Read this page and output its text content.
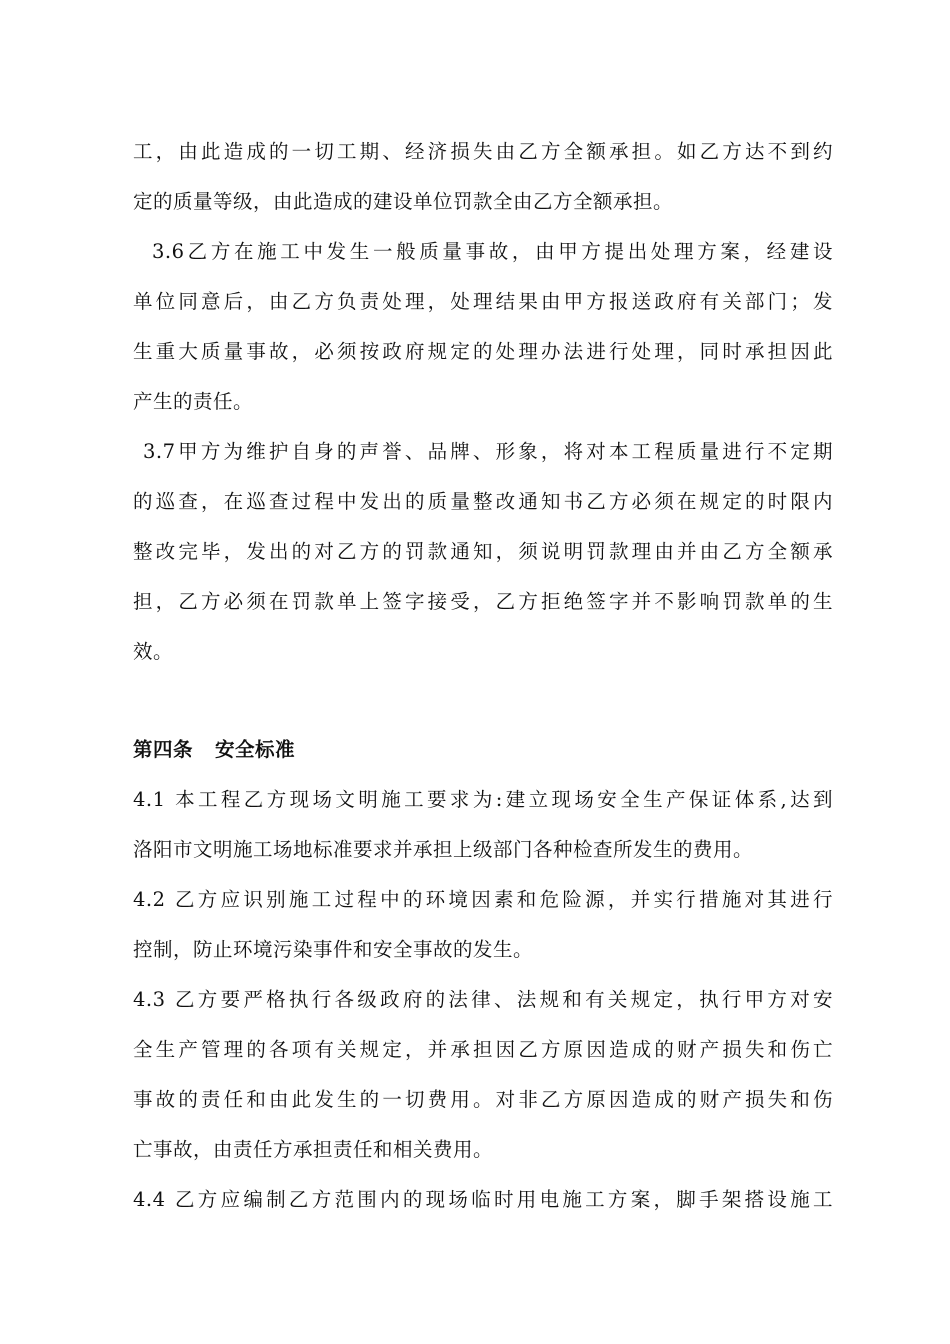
工，由此造成的一切工期、经济损失由乙方全额承担。如乙方达不到约
定的质量等级，由此造成的建设单位罚款全由乙方全额承担。
3.6乙方在施工中发生一般质量事故，由甲方提出处理方案，经建设
单位同意后，由乙方负责处理，处理结果由甲方报送政府有关部门；发
生重大质量事故，必须按政府规定的处理办法进行处理，同时承担因此
产生的责任。
3.7甲方为维护自身的声誉、品牌、形象，将对本工程质量进行不定期
的巡查，在巡查过程中发出的质量整改通知书乙方必须在规定的时限内
整改完毕，发出的对乙方的罚款通知，须说明罚款理由并由乙方全额承
担，乙方必须在罚款单上签字接受，乙方拒绝签字并不影响罚款单的生
效。
第四条 安全标准
4.1 本工程乙方现场文明施工要求为:建立现场安全生产保证体系,达到
洛阳市文明施工场地标准要求并承担上级部门各种检查所发生的费用。
4.2 乙方应识别施工过程中的环境因素和危险源，并实行措施对其进行
控制，防止环境污染事件和安全事故的发生。
4.3 乙方要严格执行各级政府的法律、法规和有关规定，执行甲方对安
全生产管理的各项有关规定，并承担因乙方原因造成的财产损失和伤亡
事故的责任和由此发生的一切费用。对非乙方原因造成的财产损失和伤
亡事故，由责任方承担责任和相关费用。
4.4 乙方应编制乙方范围内的现场临时用电施工方案，脚手架搭设施工
